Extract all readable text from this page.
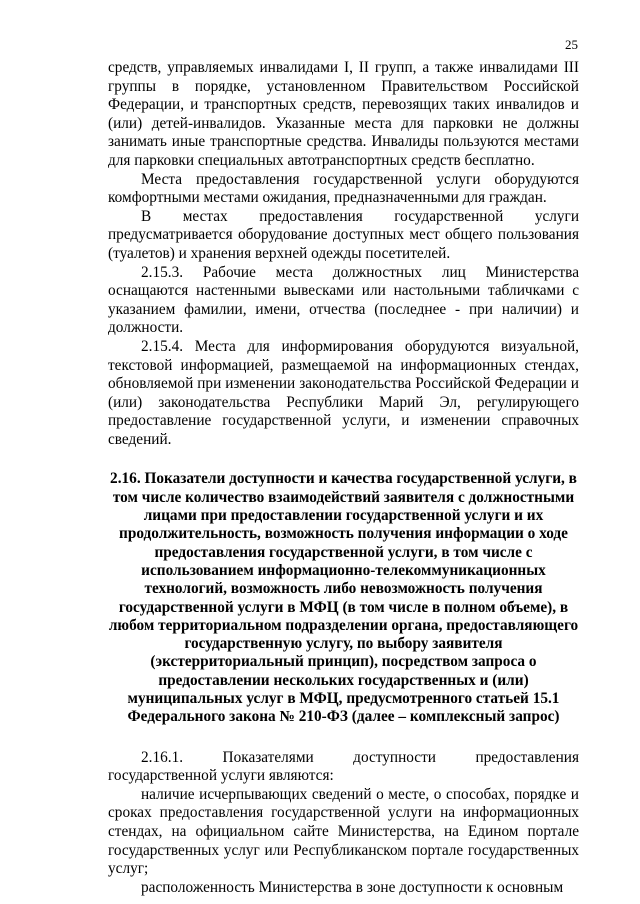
25

средств, управляемых инвалидами I, II групп, а также инвалидами III группы в порядке, установленном Правительством Российской Федерации, и транспортных средств, перевозящих таких инвалидов и (или) детей-инвалидов. Указанные места для парковки не должны занимать иные транспортные средства. Инвалиды пользуются местами для парковки специальных автотранспортных средств бесплатно.

Места предоставления государственной услуги оборудуются комфортными местами ожидания, предназначенными для граждан.

В местах предоставления государственной услуги предусматривается оборудование доступных мест общего пользования (туалетов) и хранения верхней одежды посетителей.

2.15.3. Рабочие места должностных лиц Министерства оснащаются настенными вывесками или настольными табличками с указанием фамилии, имени, отчества (последнее - при наличии) и должности.

2.15.4. Места для информирования оборудуются визуальной, текстовой информацией, размещаемой на информационных стендах, обновляемой при изменении законодательства Российской Федерации и (или) законодательства Республики Марий Эл, регулирующего предоставление государственной услуги, и изменении справочных сведений.

2.16. Показатели доступности и качества государственной услуги, в том числе количество взаимодействий заявителя с должностными лицами при предоставлении государственной услуги и их продолжительность, возможность получения информации о ходе предоставления государственной услуги, в том числе с использованием информационно-телекоммуникационных технологий, возможность либо невозможность получения государственной услуги в МФЦ (в том числе в полном объеме), в любом территориальном подразделении органа, предоставляющего государственную услугу, по выбору заявителя (экстерриториальный принцип), посредством запроса о предоставлении нескольких государственных и (или) муниципальных услуг в МФЦ, предусмотренного статьей 15.1 Федерального закона № 210-ФЗ (далее – комплексный запрос)

2.16.1. Показателями доступности предоставления государственной услуги являются:

наличие исчерпывающих сведений о месте, о способах, порядке и сроках предоставления государственной услуги на информационных стендах, на официальном сайте Министерства, на Едином портале государственных услуг или Республиканском портале государственных услуг;

расположенность Министерства в зоне доступности к основным
